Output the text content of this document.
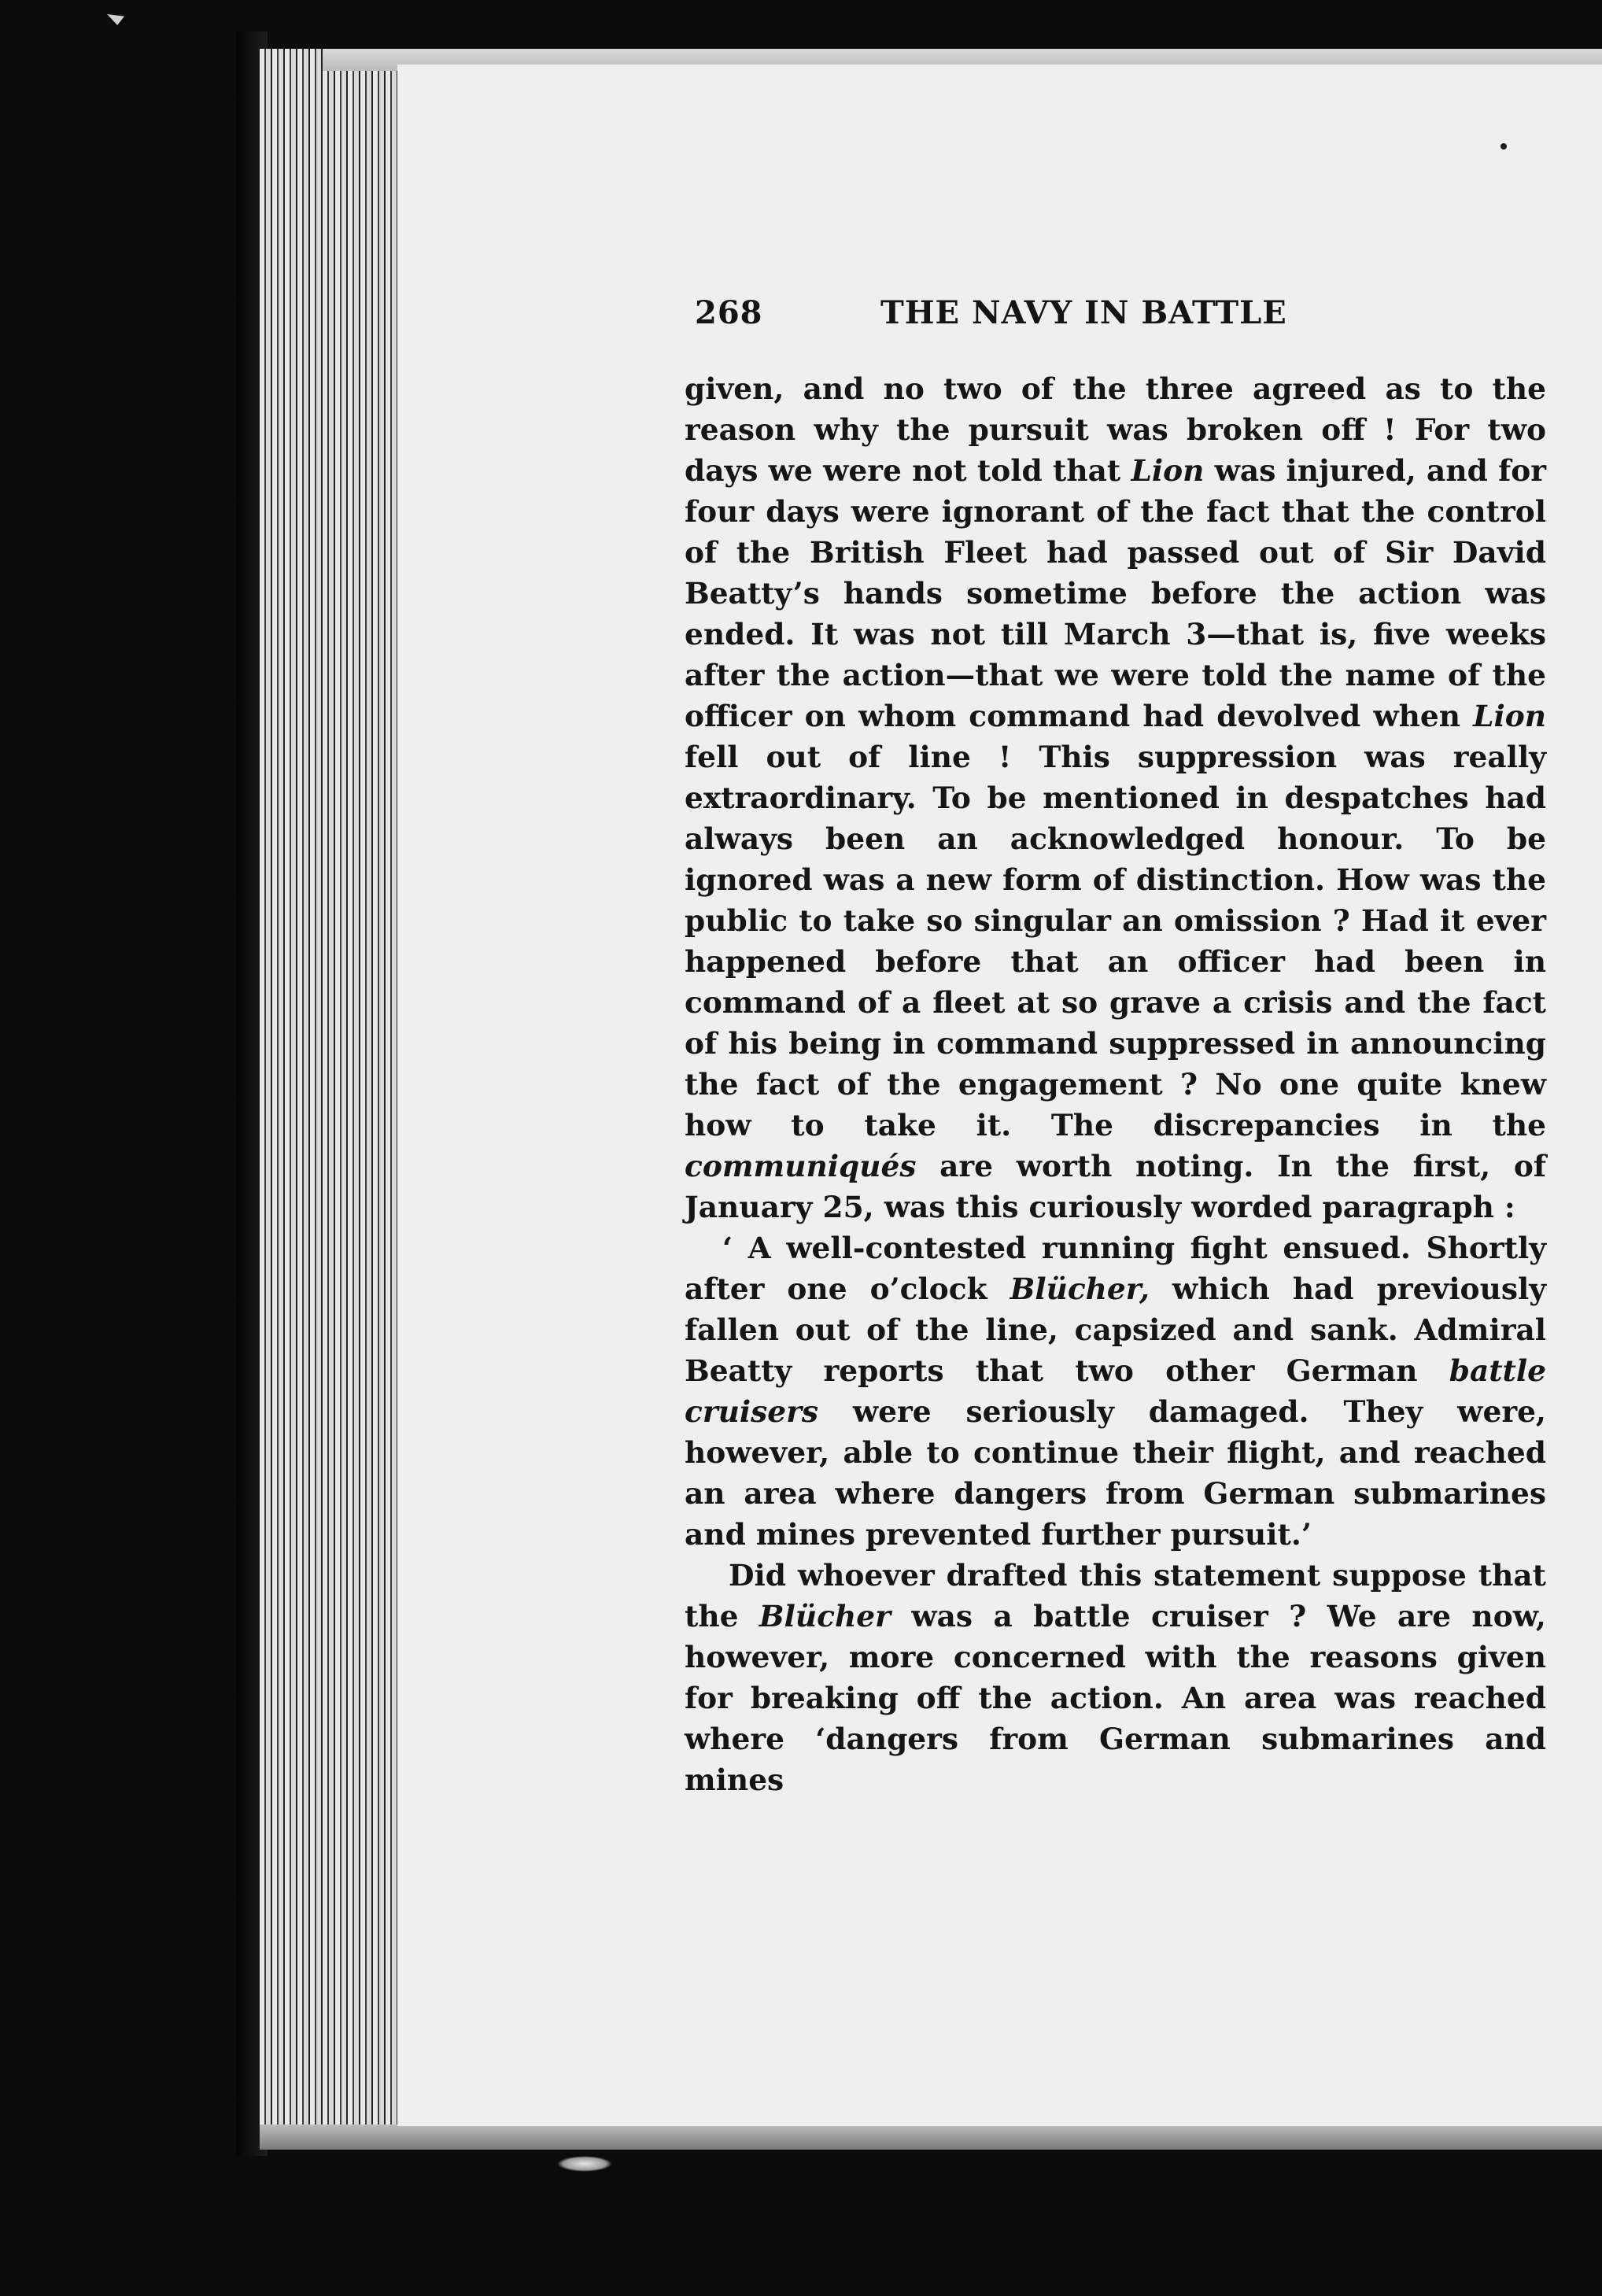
268	THE NAVY IN BATTLE

given, and no two of the three agreed as to the reason why the pursuit was broken off ! For two days we were not told that Lion was injured, and for four days were ignorant of the fact that the control of the British Fleet had passed out of Sir David Beatty’s hands sometime before the action was ended. It was not till March 3—that is, five weeks after the action—that we were told the name of the officer on whom command had devolved when Lion fell out of line ! This suppression was really extraordinary. To be mentioned in despatches had always been an acknowledged honour. To be ignored was a new form of distinction. How was the public to take so singular an omission ? Had it ever happened before that an officer had been in command of a fleet at so grave a crisis and the fact of his being in command suppressed in announcing the fact of the engagement ? No one quite knew how to take it. The discrepancies in the communiqués are worth noting. In the first, of January 25, was this curiously worded paragraph :

‘ A well-contested running fight ensued. Shortly after one o’clock Blücher, which had previously fallen out of the line, capsized and sank. Admiral Beatty reports that two other German battle cruisers were seriously damaged. They were, however, able to continue their flight, and reached an area where dangers from German submarines and mines prevented further pursuit.’

Did whoever drafted this statement suppose that the Blücher was a battle cruiser ? We are now, however, more concerned with the reasons given for breaking off the action. An area was reached where ‘dangers from German submarines and mines
